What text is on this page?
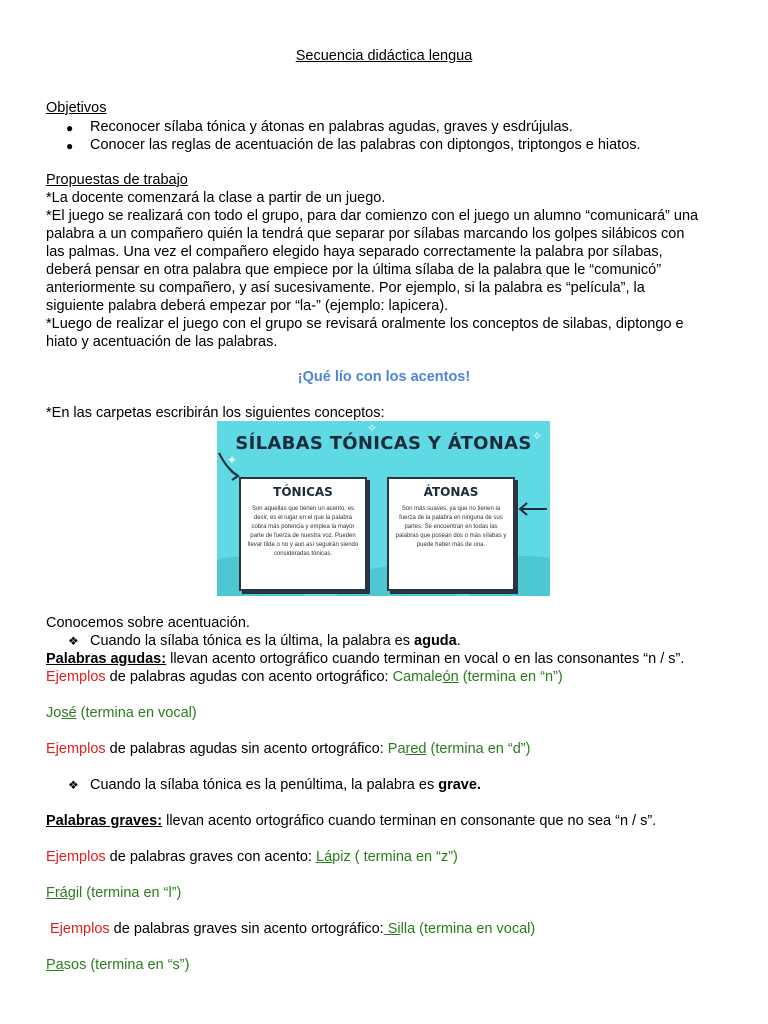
Secuencia didáctica lengua
Objetivos
● Reconocer sílaba tónica y átonas en palabras agudas, graves y esdrújulas.
● Conocer las reglas de acentuación de las palabras con diptongos, triptongos e hiatos.
Propuestas de trabajo
*La docente comenzará la clase a partir de un juego.
*El juego se realizará con todo el grupo, para dar comienzo con el juego un alumno “comunicará” una
palabra a un compañero quién la tendrá que separar por sílabas marcando los golpes silábicos con
las palmas. Una vez el compañero elegido haya separado correctamente la palabra por sílabas,
deberá pensar en otra palabra que empiece por la última sílaba de la palabra que le “comunicó”
anteriormente su compañero, y así sucesivamente. Por ejemplo, si la palabra es “película”, la
siguiente palabra deberá empezar por “la-” (ejemplo: lapicera).
*Luego de realizar el juego con el grupo se revisará oralmente los conceptos de silabas, diptongo e
hiato y acentuación de las palabras.
¡Qué lío con los acentos!
*En las carpetas escribirán los siguientes conceptos:
✧
✧
✦
SÍLABAS TÓNICAS Y ÁTONAS
TÓNICAS

Son aquellas que tienen un acento, es decir, es el lugar en el que la palabra cobra más potencia y emplea la mayor parte de fuerza de nuestra voz. Pueden llevar tilde o no y aun así seguirán siendo consideradas tónicas.

ÁTONAS

Son más suaves, ya que no tienen la fuerza de la palabra en ninguna de sus partes. Se encuentran en todas las palabras que posean dos o más sílabas y puede haber más de una.

Conocemos sobre acentuación.
❖ Cuando la sílaba tónica es la última, la palabra es aguda.
Palabras agudas: llevan acento ortográfico cuando terminan en vocal o en las consonantes “n / s”.
Ejemplos de palabras agudas con acento ortográfico: Camaleón (termina en “n”)
José (termina en vocal)
Ejemplos de palabras agudas sin acento ortográfico: Pared (termina en “d”)
❖ Cuando la sílaba tónica es la penúltima, la palabra es grave.
Palabras graves: llevan acento ortográfico cuando terminan en consonante que no sea “n / s”.
Ejemplos de palabras graves con acento: Lápiz ( termina en “z”)
Frágil (termina en “l”)
Ejemplos de palabras graves sin acento ortográfico: Silla (termina en vocal)
Pasos (termina en “s”)
